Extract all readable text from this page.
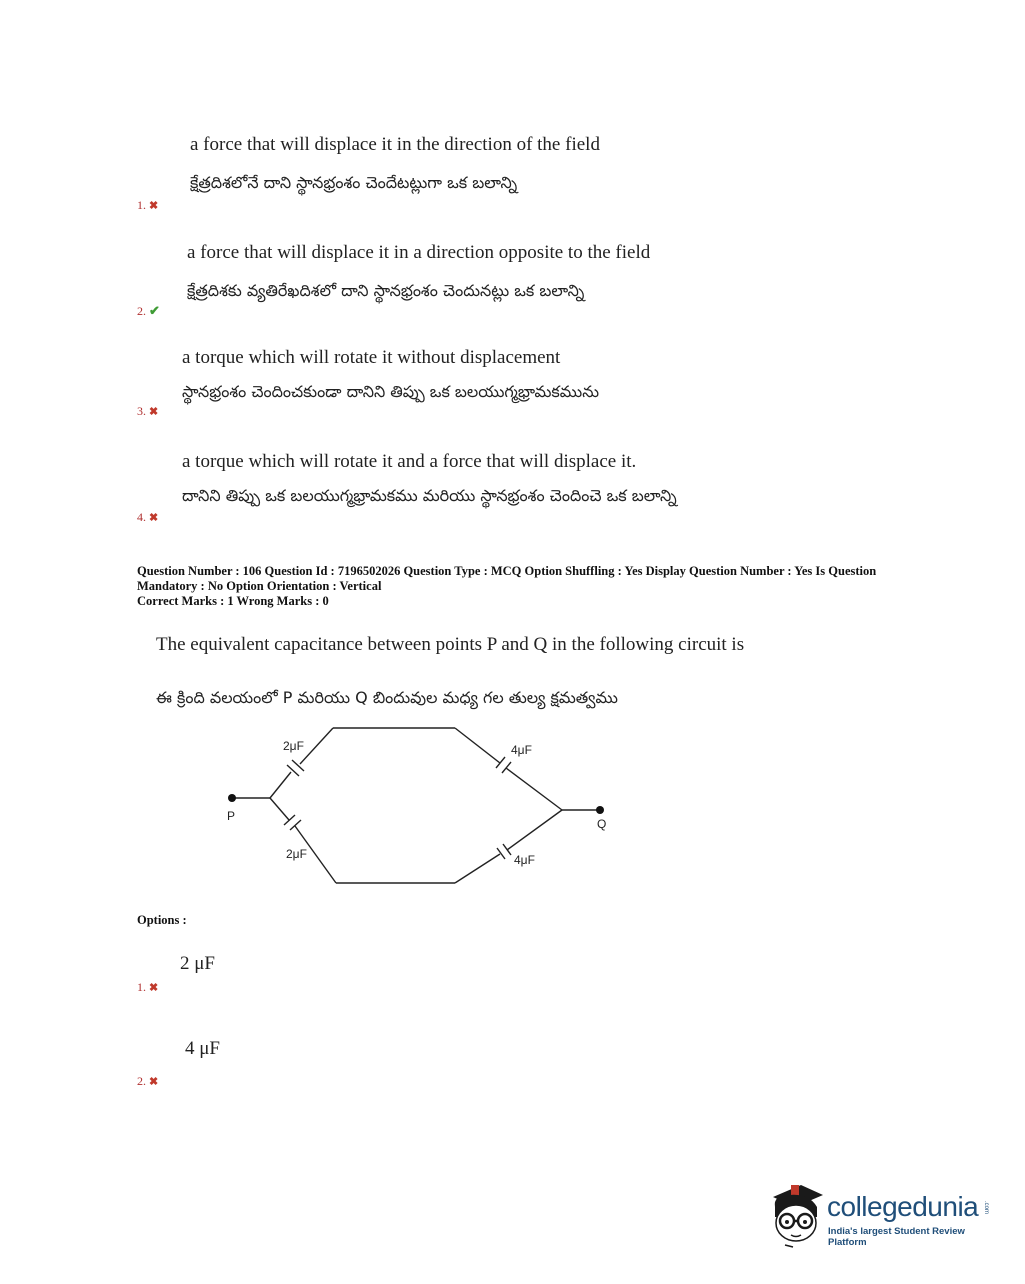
a force that will displace it in the direction of the field
క్షేత్రదిశలోనే దాని స్థానభ్రంశం చెందేటట్లుగా ఒక బలాన్ని
1. ✖
a force that will displace it in a direction opposite to the field
క్షేత్రదిశకు వ్యతిరేఖదిశలో దాని స్థానభ్రంశం చెందునట్లు ఒక బలాన్ని
2. ✔
a torque which will rotate it without displacement
స్థానభ్రంశం చెందించకుండా దానిని తిప్పు ఒక బలయుగ్మభ్రామకమును
3. ✖
a torque which will rotate it and a force that will displace it.
దానిని తిప్పు ఒక బలయుగ్మభ్రామకము మరియు స్థానభ్రంశం చెందించె ఒక బలాన్ని
4. ✖
Question Number : 106 Question Id : 7196502026 Question Type : MCQ Option Shuffling : Yes Display Question Number : Yes Is Question Mandatory : No Option Orientation : Vertical
Correct Marks : 1 Wrong Marks : 0
The equivalent capacitance between points P and Q in the following circuit is
ఈ క్రింది వలయంలో P మరియు Q బిందువుల మధ్య గల తుల్య క్షమత్వము
P
Q
2μF	4μF
2μF	4μF
Options :
2 μF
1. ✖
4 μF
2. ✖
collegedunia .com
India's largest Student Review Platform
